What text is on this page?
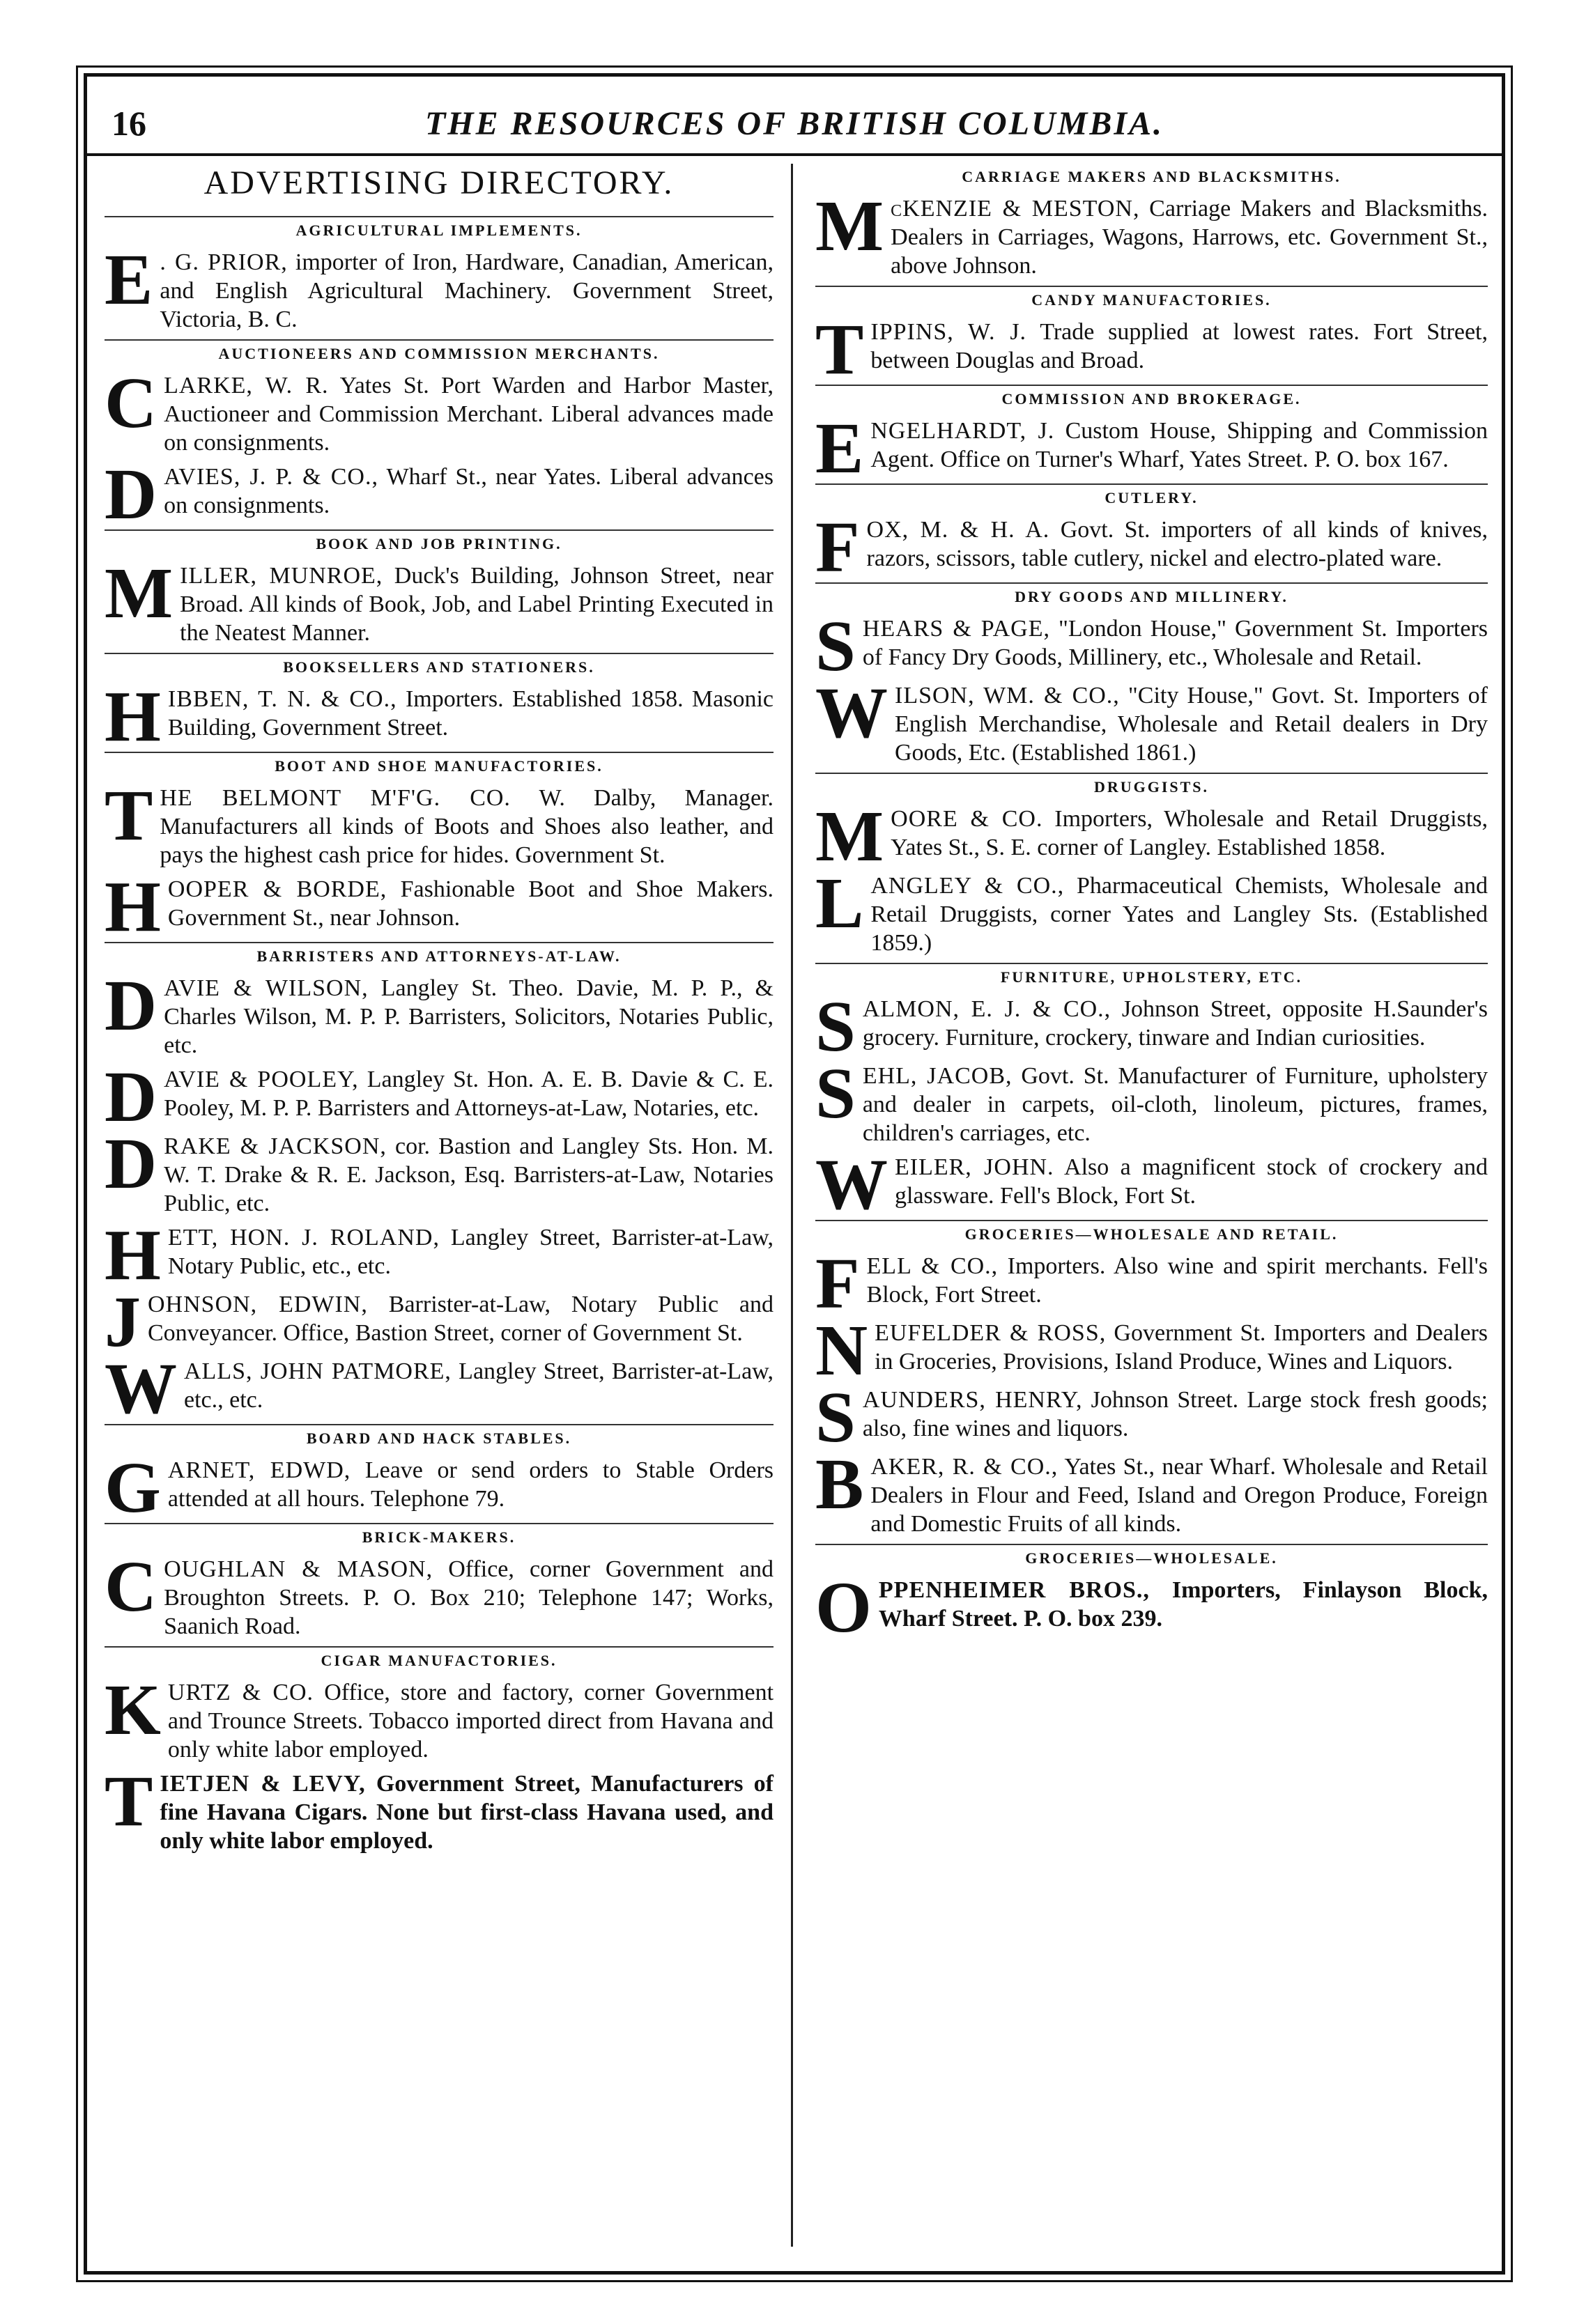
16	THE RESOURCES OF BRITISH COLUMBIA.
ADVERTISING DIRECTORY.
AGRICULTURAL IMPLEMENTS.
E . G. PRIOR, importer of Iron, Hardware, Canadian, American, and English Agricultural Machinery. Government Street, Victoria, B. C.
AUCTIONEERS AND COMMISSION MERCHANTS.
CLARKE, W. R. Yates St. Port Warden and Harbor Master, Auctioneer and Commission Merchant. Liberal advances made on consignments.
DAVIES, J. P. & CO., Wharf St., near Yates. Liberal advances on consignments.
BOOK AND JOB PRINTING.
MILLER, MUNROE, Duck's Building, Johnson Street, near Broad. All kinds of Book, Job, and Label Printing Executed in the Neatest Manner.
BOOKSELLERS AND STATIONERS.
HIBBEN, T. N. & CO., Importers. Established 1858. Masonic Building, Government Street.
BOOT AND SHOE MANUFACTORIES.
THE BELMONT M'F'G. CO. W. Dalby, Manager. Manufacturers all kinds of Boots and Shoes also leather, and pays the highest cash price for hides. Government St.
HOOPER & BORDE, Fashionable Boot and Shoe Makers. Government St., near Johnson.
BARRISTERS AND ATTORNEYS-AT-LAW.
DAVIE & WILSON, Langley St. Theo. Davie, M. P. P., & Charles Wilson, M. P. P. Barristers, Solicitors, Notaries Public, etc.
DAVIE & POOLEY, Langley St. Hon. A. E. B. Davie & C. E. Pooley, M. P. P. Barristers and Attorneys-at-Law, Notaries, etc.
DRAKE & JACKSON, cor. Bastion and Langley Sts. Hon. M. W. T. Drake & R. E. Jackson, Esq. Barristers-at-Law, Notaries Public, etc.
HETT, HON. J. ROLAND, Langley Street, Barrister-at-Law, Notary Public, etc., etc.
JOHNSON, EDWIN, Barrister-at-Law, Notary Public and Conveyancer. Office, Bastion Street, corner of Government St.
WALLS, JOHN PATMORE, Langley Street, Barrister-at-Law, etc., etc.
BOARD AND HACK STABLES.
GARNET, EDWD, Leave or send orders to Stable Orders attended at all hours. Telephone 79.
BRICK-MAKERS.
COUGHLAN & MASON, Office, corner Government and Broughton Streets. P. O. Box 210; Telephone 147; Works, Saanich Road.
CIGAR MANUFACTORIES.
KURTZ & CO. Office, store and factory, corner Government and Trounce Streets. Tobacco imported direct from Havana and only white labor employed.
TIETJEN & LEVY, Government Street, Manufacturers of fine Havana Cigars. None but first-class Havana used, and only white labor employed.
CARRIAGE MAKERS AND BLACKSMITHS.
McKENZIE & MESTON, Carriage Makers and Blacksmiths. Dealers in Carriages, Wagons, Harrows, etc. Government St., above Johnson.
CANDY MANUFACTORIES.
TIPPINS, W. J. Trade supplied at lowest rates. Fort Street, between Douglas and Broad.
COMMISSION AND BROKERAGE.
ENGELHARDT, J. Custom House, Shipping and Commission Agent. Office on Turner's Wharf, Yates Street. P. O. box 167.
CUTLERY.
FOX, M. & H. A. Govt. St. importers of all kinds of knives, razors, scissors, table cutlery, nickel and electro-plated ware.
DRY GOODS AND MILLINERY.
SHEARS & PAGE, "London House," Government St. Importers of Fancy Dry Goods, Millinery, etc., Wholesale and Retail.
WILSON, WM. & CO., "City House," Govt. St. Importers of English Merchandise, Wholesale and Retail dealers in Dry Goods, Etc. (Established 1861.)
DRUGGISTS.
MOORE & CO. Importers, Wholesale and Retail Druggists, Yates St., S. E. corner of Langley. Established 1858.
LANGLEY & CO., Pharmaceutical Chemists, Wholesale and Retail Druggists, corner Yates and Langley Sts. (Established 1859.)
FURNITURE, UPHOLSTERY, ETC.
SALMON, E. J. & CO., Johnson Street, opposite H.Saunder's grocery. Furniture, crockery, tinware and Indian curiosities.
SEHL, JACOB, Govt. St. Manufacturer of Furniture, upholstery and dealer in carpets, oil-cloth, linoleum, pictures, frames, children's carriages, etc.
WEILER, JOHN. Also a magnificent stock of crockery and glassware. Fell's Block, Fort St.
GROCERIES—WHOLESALE AND RETAIL.
FELL & CO., Importers. Also wine and spirit merchants. Fell's Block, Fort Street.
NEUFELDER & ROSS, Government St. Importers and Dealers in Groceries, Provisions, Island Produce, Wines and Liquors.
SAUNDERS, HENRY, Johnson Street. Large stock fresh goods; also, fine wines and liquors.
BAKER, R. & CO., Yates St., near Wharf. Wholesale and Retail Dealers in Flour and Feed, Island and Oregon Produce, Foreign and Domestic Fruits of all kinds.
GROCERIES—WHOLESALE.
OPPENHEIMER BROS., Importers, Finlayson Block, Wharf Street. P. O. box 239.
